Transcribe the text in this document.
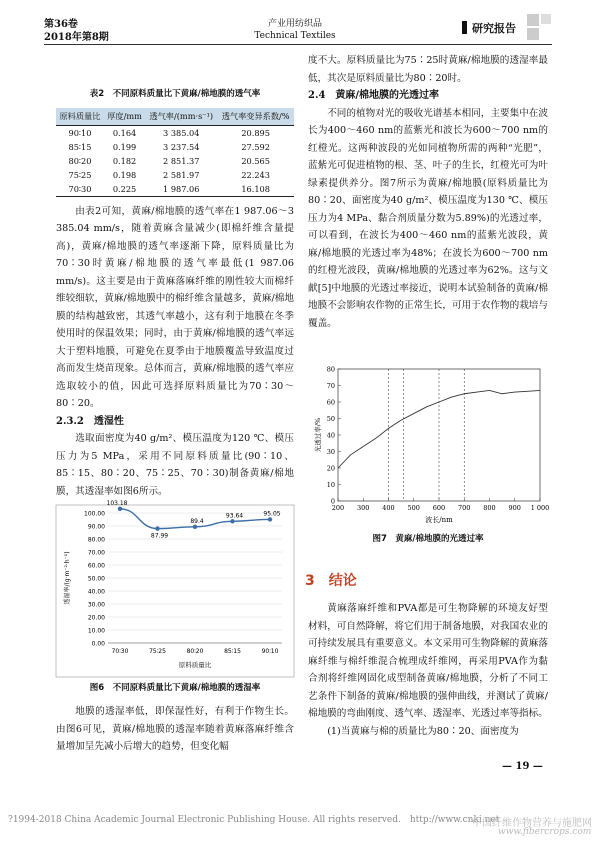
第36卷
2018年第8期
产业用纺织品
Technical Textiles
研究报告
表2　不同原料质量比下黄麻/棉地膜的透气率
原料质量比	厚度/mm	透气率/(mm·s⁻¹)	透气率变异系数/%
90∶10	0.164	3 385.04	20.895
85∶15	0.199	3 237.54	27.592
80∶20	0.182	2 851.37	20.565
75∶25	0.198	2 581.97	22.243
70∶30	0.225	1 987.06	16.108

由表2可知，黄麻/棉地膜的透气率在1 987.06～3 385.04 mm/s，随着黄麻含量减少(即棉纤维含量提高)，黄麻/棉地膜的透气率逐渐下降，原料质量比为70∶30时黄麻/棉地膜的透气率最低(1 987.06 mm/s)。这主要是由于黄麻落麻纤维的刚性较大而棉纤维较细软，黄麻/棉地膜中的棉纤维含量越多，黄麻/棉地膜的结构越致密，其透气率越小，这有利于地膜在冬季使用时的保温效果；同时，由于黄麻/棉地膜的透气率远大于塑料地膜，可避免在夏季由于地膜覆盖导致温度过高而发生烧苗现象。总体而言，黄麻/棉地膜的透气率应选取较小的值，因此可选择原料质量比为70∶30～80∶20。

2.3.2　透湿性

选取面密度为40 g/m²、模压温度为120 ℃、模压压力为5 MPa，采用不同原料质量比(90∶10、85∶15、80∶20、75∶25、70∶30)制备黄麻/棉地膜，其透湿率如图6所示。

0.00
10.00
20.00
30.00
40.00
50.00
60.00
70.00
80.00
90.00
100.00
103.18
70∶30
87.99
75∶25
89.4
80∶20
93.64
85∶15
95.05
90∶10
原料质量比
透湿率/(g·m⁻²·h⁻¹)
图6　不同原料质量比下黄麻/棉地膜的透湿率

地膜的透湿率低，即保湿性好，有利于作物生长。由图6可见，黄麻/棉地膜的透湿率随着黄麻落麻纤维含量增加呈先减小后增大的趋势，但变化幅

度不大。原料质量比为75∶25时黄麻/棉地膜的透湿率最低，其次是原料质量比为80∶20时。

2.4　黄麻/棉地膜的光透过率

不同的植物对光的吸收光谱基本相同，主要集中在波长为400～460 nm的蓝紫光和波长为600～700 nm的红橙光。这两种波段的光如同植物所需的两种“光肥”，蓝紫光可促进植物的根、茎、叶子的生长，红橙光可为叶绿素提供养分。图7所示为黄麻/棉地膜(原料质量比为80∶20、面密度为40 g/m²、模压温度为130 ℃、模压压力为4 MPa、黏合剂质量分数为5.89%)的光透过率，可以看到，在波长为400～460 nm的蓝紫光波段，黄麻/棉地膜的光透过率为48%；在波长为600～700 nm的红橙光波段，黄麻/棉地膜的光透过率为62%。这与文献[5]中地膜的光透过率接近，说明本试验制备的黄麻/棉地膜不会影响农作物的正常生长，可用于农作物的栽培与覆盖。

0
10
20
30
40
50
60
70
80
200 300 400 500 600 700 800 900 1 000
波长/nm
光透过率/%
图7　黄麻/棉地膜的光透过率
3　结论

黄麻落麻纤维和PVA都是可生物降解的环境友好型材料，可自然降解，将它们用于制备地膜，对我国农业的可持续发展具有重要意义。本文采用可生物降解的黄麻落麻纤维与棉纤维混合梳理成纤维网，再采用PVA作为黏合剂将纤维网固化成型制备黄麻/棉地膜，分析了不同工艺条件下制备的黄麻/棉地膜的强伸曲线，并测试了黄麻/棉地膜的弯曲刚度、透气率、透湿率、光透过率等指标。

(1)当黄麻与棉的质量比为80∶20、面密度为

— 19 —
?1994-2018 China Academic Journal Electronic Publishing House. All rights reserved.　http://www.cnki.net
中国纤维作物营养与施肥网
www.fibercrops.com
